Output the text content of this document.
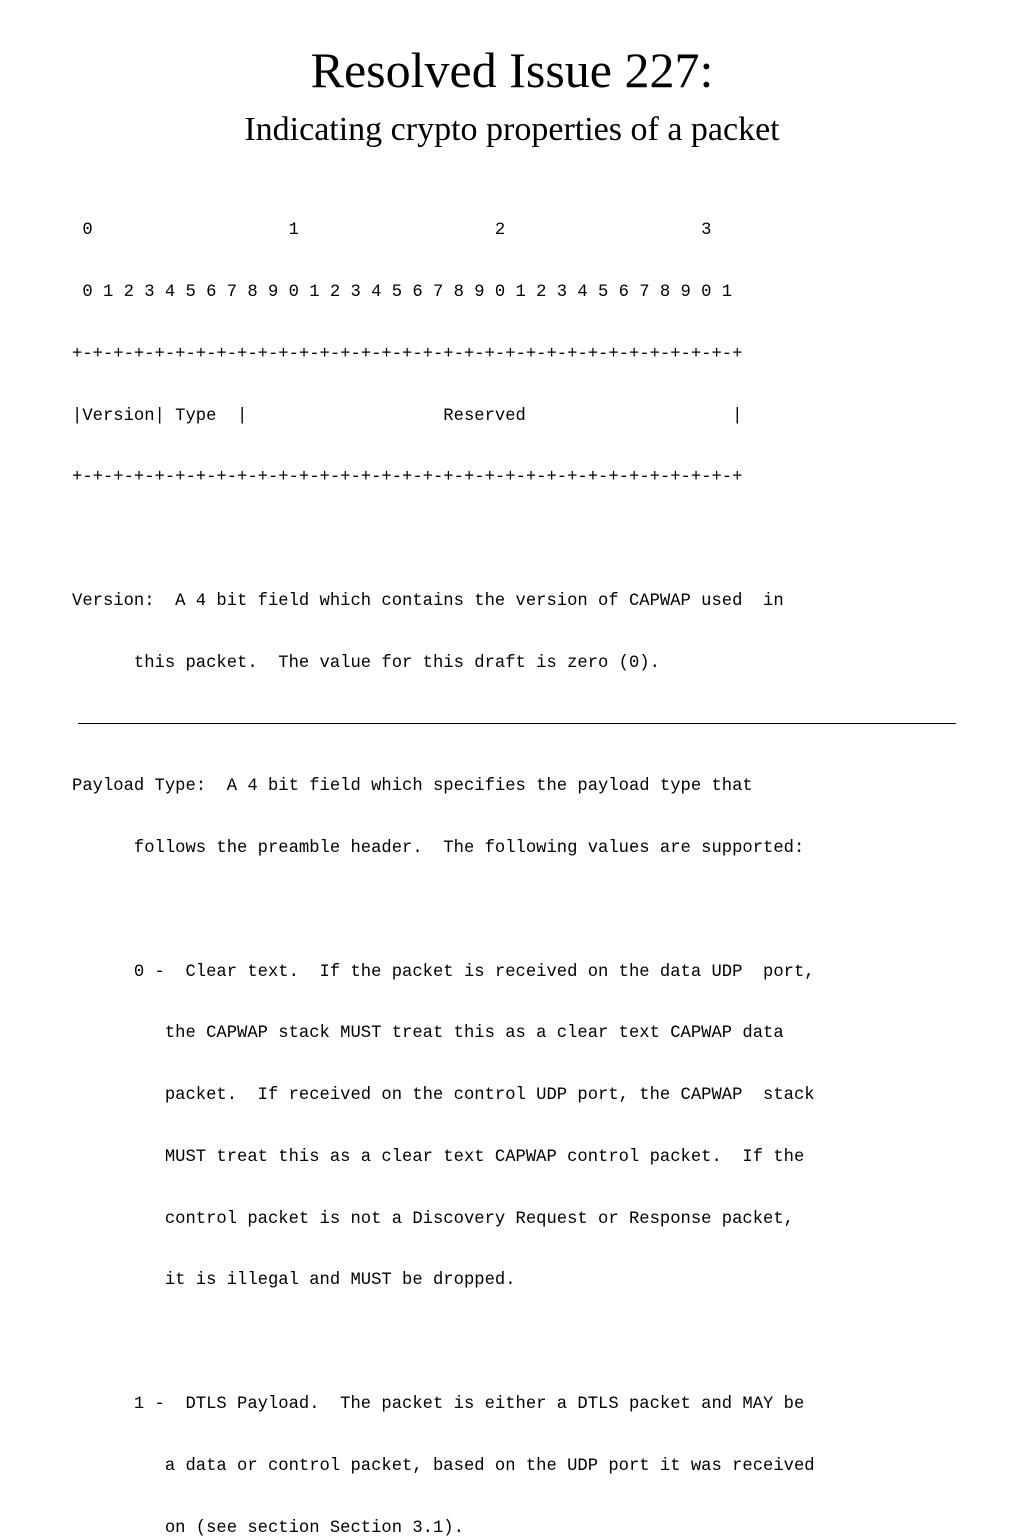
Resolved Issue 227:
Indicating crypto properties of a packet

0                   1                   2                   3

0 1 2 3 4 5 6 7 8 9 0 1 2 3 4 5 6 7 8 9 0 1 2 3 4 5 6 7 8 9 0 1

+-+-+-+-+-+-+-+-+-+-+-+-+-+-+-+-+-+-+-+-+-+-+-+-+-+-+-+-+-+-+-+-+

|Version| Type  |                   Reserved                    |

+-+-+-+-+-+-+-+-+-+-+-+-+-+-+-+-+-+-+-+-+-+-+-+-+-+-+-+-+-+-+-+-+

Version:  A 4 bit field which contains the version of CAPWAP used  in

this packet.  The value for this draft is zero (0).

Payload Type:  A 4 bit field which specifies the payload type that

follows the preamble header.  The following values are supported:

0 -  Clear text.  If the packet is received on the data UDP  port,

the CAPWAP stack MUST treat this as a clear text CAPWAP data

packet.  If received on the control UDP port, the CAPWAP  stack

MUST treat this as a clear text CAPWAP control packet.  If the

control packet is not a Discovery Request or Response packet,

it is illegal and MUST be dropped.

1 -  DTLS Payload.  The packet is either a DTLS packet and MAY be

a data or control packet, based on the UDP port it was received

on (see section Section 3.1).
